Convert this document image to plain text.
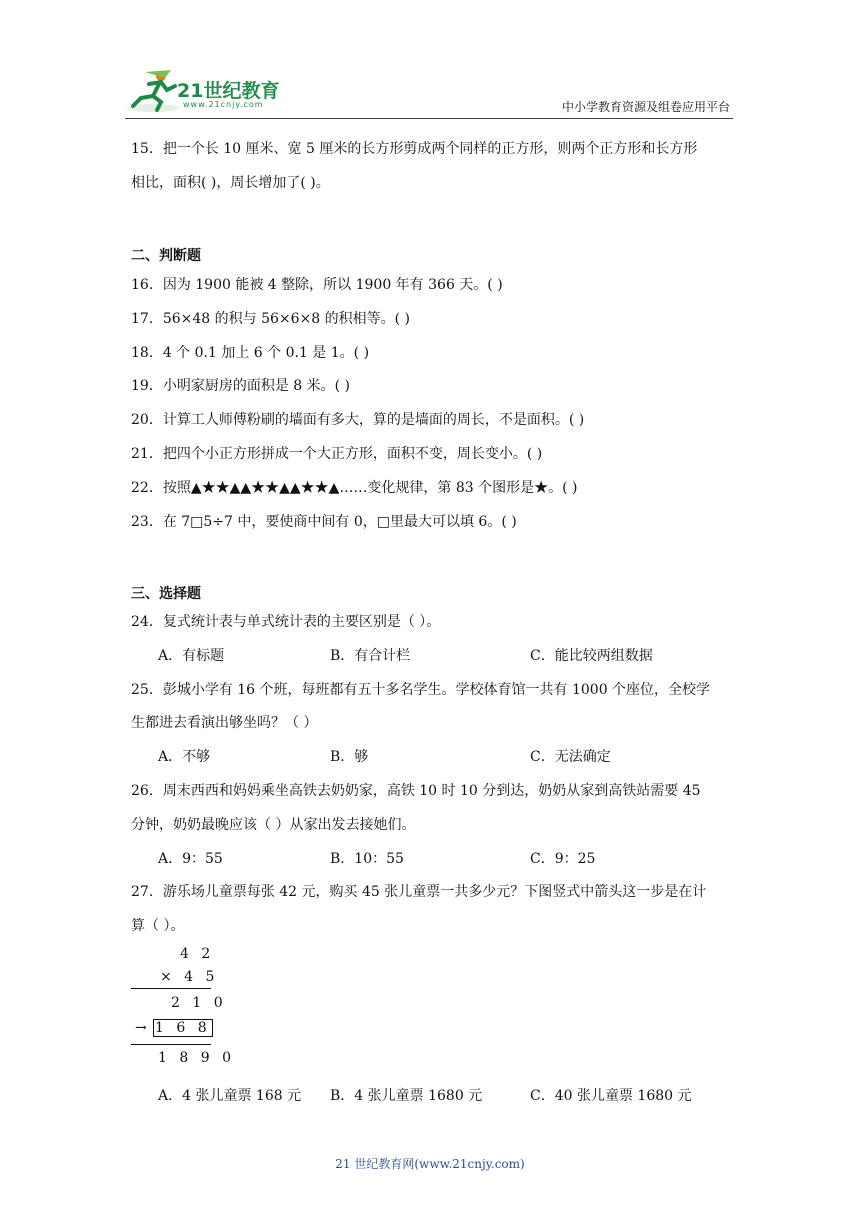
21世纪教育
www.21cnjy.com	中小学教育资源及组卷应用平台
15．把一个长 10 厘米、宽 5 厘米的长方形剪成两个同样的正方形，则两个正方形和长方形
相比，面积( )，周长增加了( )。
二、判断题
16．因为 1900 能被 4 整除，所以 1900 年有 366 天。( )
17．56×48 的积与 56×6×8 的积相等。( )
18．4 个 0.1 加上 6 个 0.1 是 1。( )
19．小明家厨房的面积是 8 米。( )
20．计算工人师傅粉刷的墙面有多大，算的是墙面的周长，不是面积。( )
21．把四个小正方形拼成一个大正方形，面积不变，周长变小。( )
22．按照▲★★▲▲★★▲▲★★▲……变化规律，第 83 个图形是★。( )
23．在 7□5÷7 中，要使商中间有 0，□里最大可以填 6。( )
三、选择题
24．复式统计表与单式统计表的主要区别是（ ）。
A．有标题	B．有合计栏	C．能比较两组数据
25．彭城小学有 16 个班，每班都有五十多名学生。学校体育馆一共有 1000 个座位，全校学
生都进去看演出够坐吗？（ ）
A．不够	B．够	C．无法确定
26．周末西西和妈妈乘坐高铁去奶奶家，高铁 10 时 10 分到达，奶奶从家到高铁站需要 45
分钟，奶奶最晚应该（ ）从家出发去接她们。
A．9：55	B．10：55	C．9：25
27．游乐场儿童票每张 42 元，购买 45 张儿童票一共多少元？下图竖式中箭头这一步是在计
算（ ）。
4 2
× 4 5
2 1 0
→ 1 6 8
1 8 9 0
A．4 张儿童票 168 元 B．4 张儿童票 1680 元	C．40 张儿童票 1680 元
21 世纪教育网(www.21cnjy.com)
